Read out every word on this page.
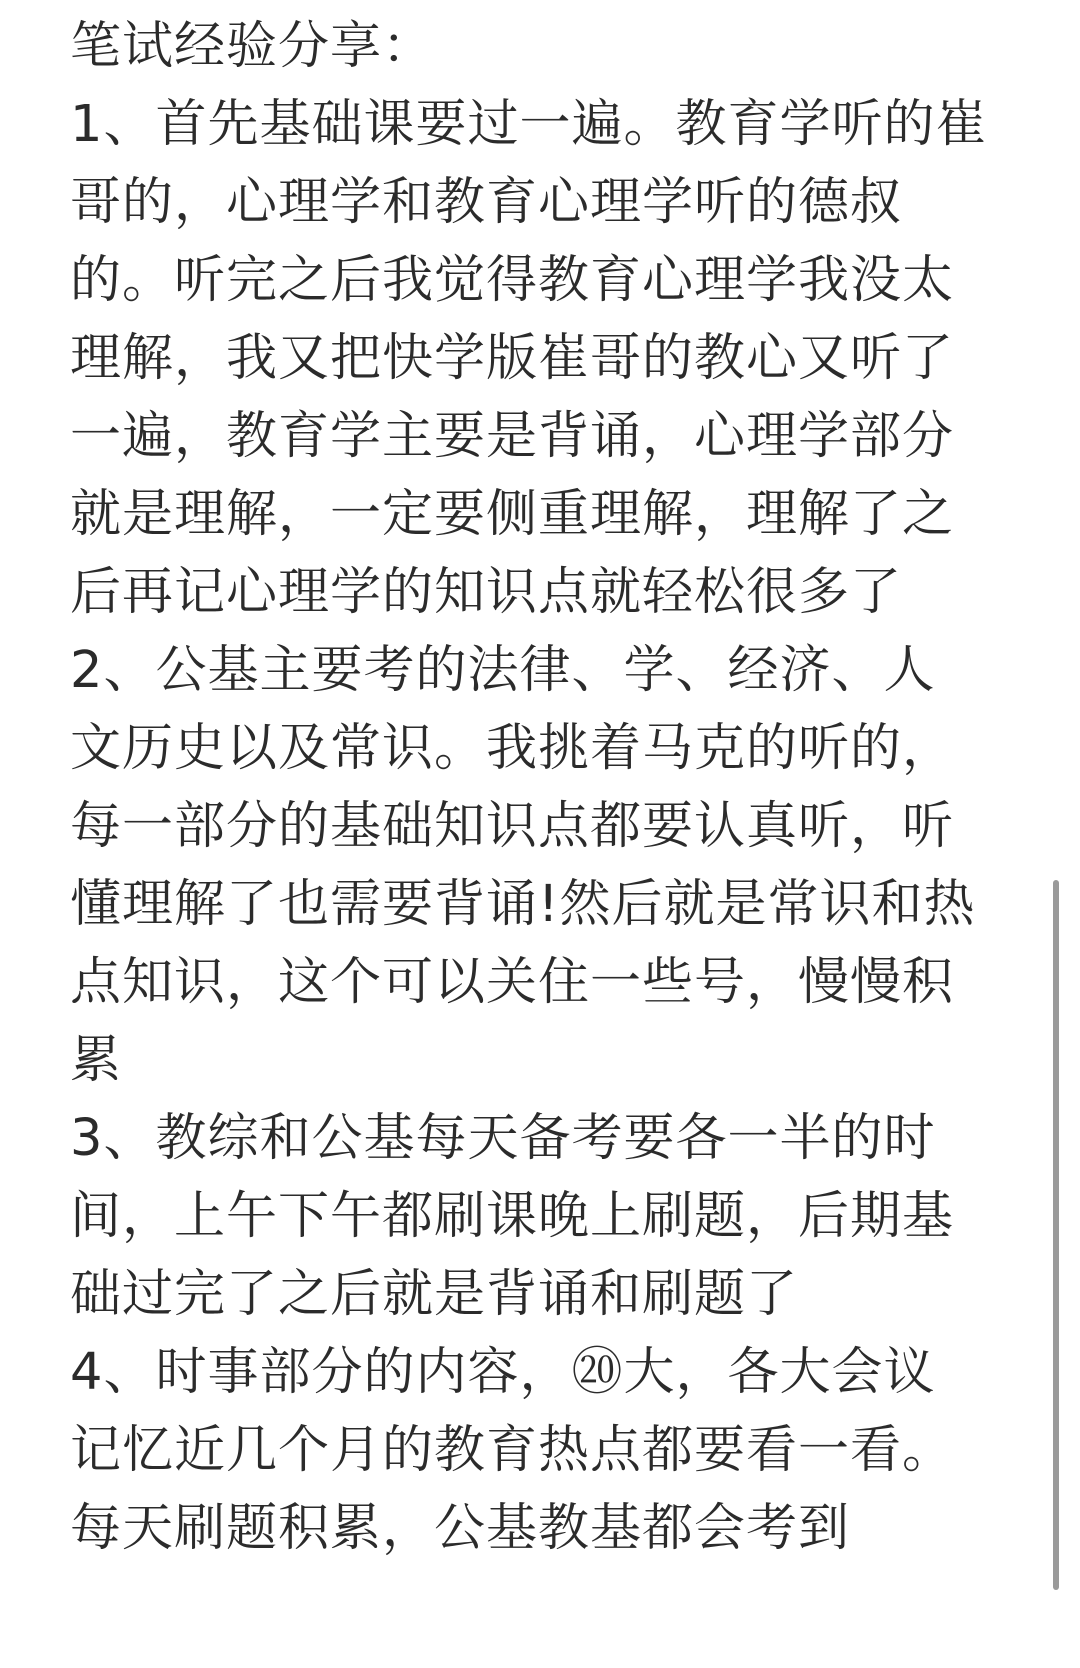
笔试经验分享：
1、首先基础课要过一遍。教育学听的崔
哥的，心理学和教育心理学听的德叔
的。听完之后我觉得教育心理学我没太
理解，我又把快学版崔哥的教心又听了
一遍，教育学主要是背诵，心理学部分
就是理解，一定要侧重理解，理解了之
后再记心理学的知识点就轻松很多了
2、公基主要考的法律、学、经济、人
文历史以及常识。我挑着马克的听的，
每一部分的基础知识点都要认真听，听
懂理解了也需要背诵!然后就是常识和热
点知识，这个可以关住一些号，慢慢积
累
3、教综和公基每天备考要各一半的时
间，上午下午都刷课晚上刷题，后期基
础过完了之后就是背诵和刷题了
4、时事部分的内容，⑳大，各大会议
记忆近几个月的教育热点都要看一看。
每天刷题积累，公基教基都会考到
